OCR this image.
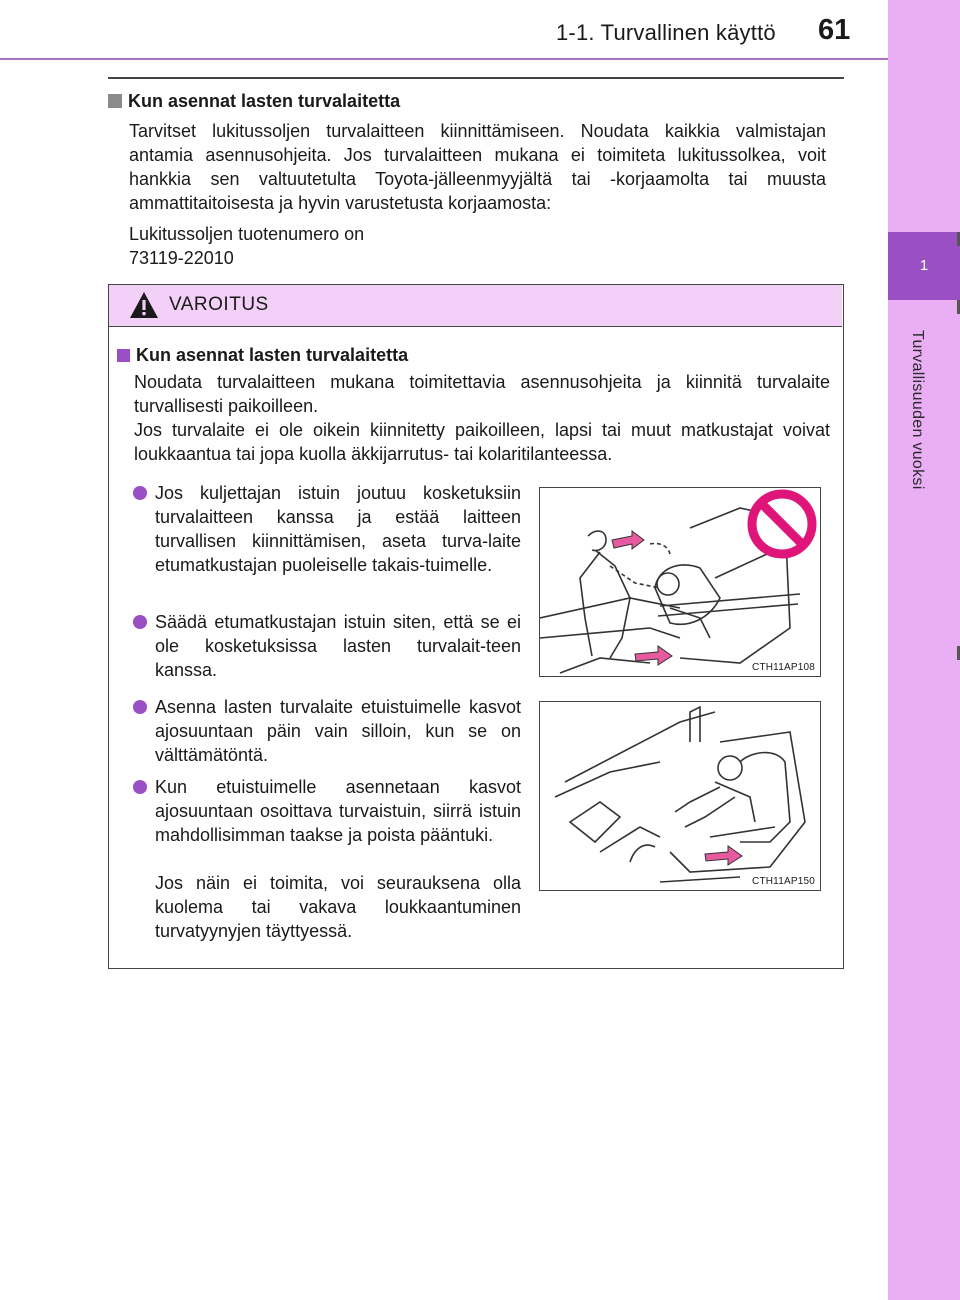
1-1. Turvallinen käyttö 61
1
Turvallisuuden vuoksi
Kun asennat lasten turvalaitetta
Tarvitset lukitussoljen turvalaitteen kiinnittämiseen. Noudata kaikkia valmistajan antamia asennusohjeita. Jos turvalaitteen mukana ei toimiteta lukitussolkea, voit hankkia sen valtuutetulta Toyota-jälleenmyyjältä tai -korjaamolta tai muusta ammattitaitoisesta ja hyvin varustetusta korjaamosta:
Lukitussoljen tuotenumero on
73119-22010
VAROITUS
Kun asennat lasten turvalaitetta
Noudata turvalaitteen mukana toimitettavia asennusohjeita ja kiinnitä turvalaite turvallisesti paikoilleen.
Jos turvalaite ei ole oikein kiinnitetty paikoilleen, lapsi tai muut matkustajat voivat loukkaantua tai jopa kuolla äkkijarrutus- tai kolaritilanteessa.
Jos kuljettajan istuin joutuu kosketuksiin turvalaitteen kanssa ja estää laitteen turvallisen kiinnittämisen, aseta turva-laite etumatkustajan puoleiselle takais-tuimelle.
Säädä etumatkustajan istuin siten, että se ei ole kosketuksissa lasten turvalait-teen kanssa.
Asenna lasten turvalaite etuistuimelle kasvot ajosuuntaan päin vain silloin, kun se on välttämätöntä.
Kun etuistuimelle asennetaan kasvot ajosuuntaan osoittava turvaistuin, siirrä istuin mahdollisimman taakse ja poista pääntuki.
Jos näin ei toimita, voi seurauksena olla kuolema tai vakava loukkaantuminen turvatyynyjen täyttyessä.
CTH11AP108
CTH11AP150
